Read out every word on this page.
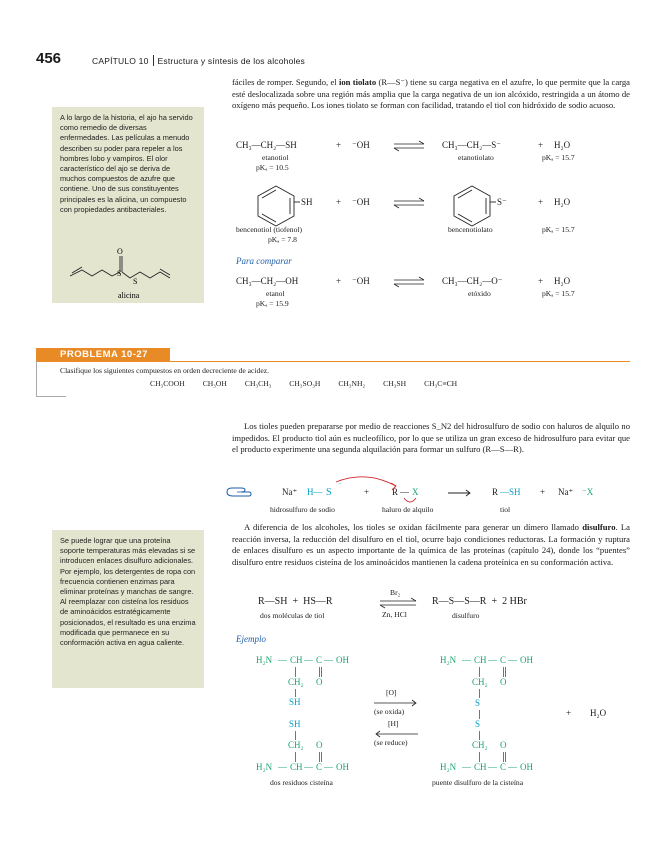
456	CAPÍTULO 10 Estructura y síntesis de los alcoholes
fáciles de romper. Segundo, el ion tiolato (R—S⁻) tiene su carga negativa en el azufre, lo que permite que la carga esté deslocalizada sobre una región más amplia que la carga negativa de un ion alcóxido, restringida a un átomo de oxígeno más pequeño. Los iones tiolato se forman con facilidad, tratando el tiol con hidróxido de sodio acuoso.
A lo largo de la historia, el ajo ha servido como remedio de diversas enfermedades. Las películas a menudo describen su poder para repeler a los hombres lobo y vampiros. El olor característico del ajo se deriva de muchos compuestos de azufre que contiene. Uno de sus constituyentes principales es la alicina, un compuesto con propiedades antibacteriales.
O
S
S
alicina
CH₃—CH₂—SH	+ ⁻OH ⇌ CH₃—CH₂—S⁻	+ H₂O
etanotiol
pKₐ = 10.5
etanotiolato	pKₐ = 15.7
SH	+ ⁻OH ⇌	S⁻	+ H₂O
bencenotiol (tiofenol)
pKₐ = 7.8
bencenotiolato	pKₐ = 15.7
Para comparar
CH₃—CH₂—OH	+ ⁻OH ⇌ CH₃—CH₂—O⁻	+ H₂O
etanol
pKₐ = 15.9
etóxido	pKₐ = 15.7
PROBLEMA 10-27
Clasifique los siguientes compuestos en orden decreciente de acidez.
CH₃COOH CH₃OH CH₃CH₃ CH₃SO₃H CH₃NH₂ CH₃SH CH₃C≡CH
Los tioles pueden prepararse por medio de reacciones S_N2 del hidrosulfuro de sodio con haluros de alquilo no impedidos. El producto tiol aún es nucleofílico, por lo que se utiliza un gran exceso de hidrosulfuro para evitar que el producto experimente una segunda alquilación para formar un sulfuro (R—S—R).
Na⁺ H— S
⁻
+	R — X → R —SH + Na⁺ ⁻X
hidrosulfuro de sodio	haluro de alquilo	tiol
Se puede lograr que una proteína soporte temperaturas más elevadas si se introducen enlaces disulfuro adicionales. Por ejemplo, los detergentes de ropa con frecuencia contienen enzimas para eliminar proteínas y manchas de sangre. Al reemplazar con cisteína los residuos de aminoácidos estratégicamente posicionados, el resultado es una enzima modificada que permanece en su conformación activa en agua caliente.
A diferencia de los alcoholes, los tioles se oxidan fácilmente para generar un dímero llamado disulfuro. La reacción inversa, la reducción del disulfuro en el tiol, ocurre bajo condiciones reductoras. La formación y ruptura de enlaces disulfuro es un aspecto importante de la química de las proteínas (capítulo 24), donde los “puentes” disulfuro entre residuos cisteína de los aminoácidos mantienen la cadena proteínica en su conformación activa.
R—SH  +  HS—R
Br₂
Zn, HCl
R—S—S—R  +  2 HBr
dos moléculas de tiol	disulfuro
Ejemplo
H₂N — CH — C — OH
CH₂ O
SH
SH
CH₂ O
H₂N — CH — C — OH
dos residuos cisteína
[O]
(se oxida)
[H]
(se reduce)
H₂N — CH — C — OH
CH₂ O
S
S
CH₂ O
H₂N — CH — C — OH
puente disulfuro de la cisteína
+ H₂O
